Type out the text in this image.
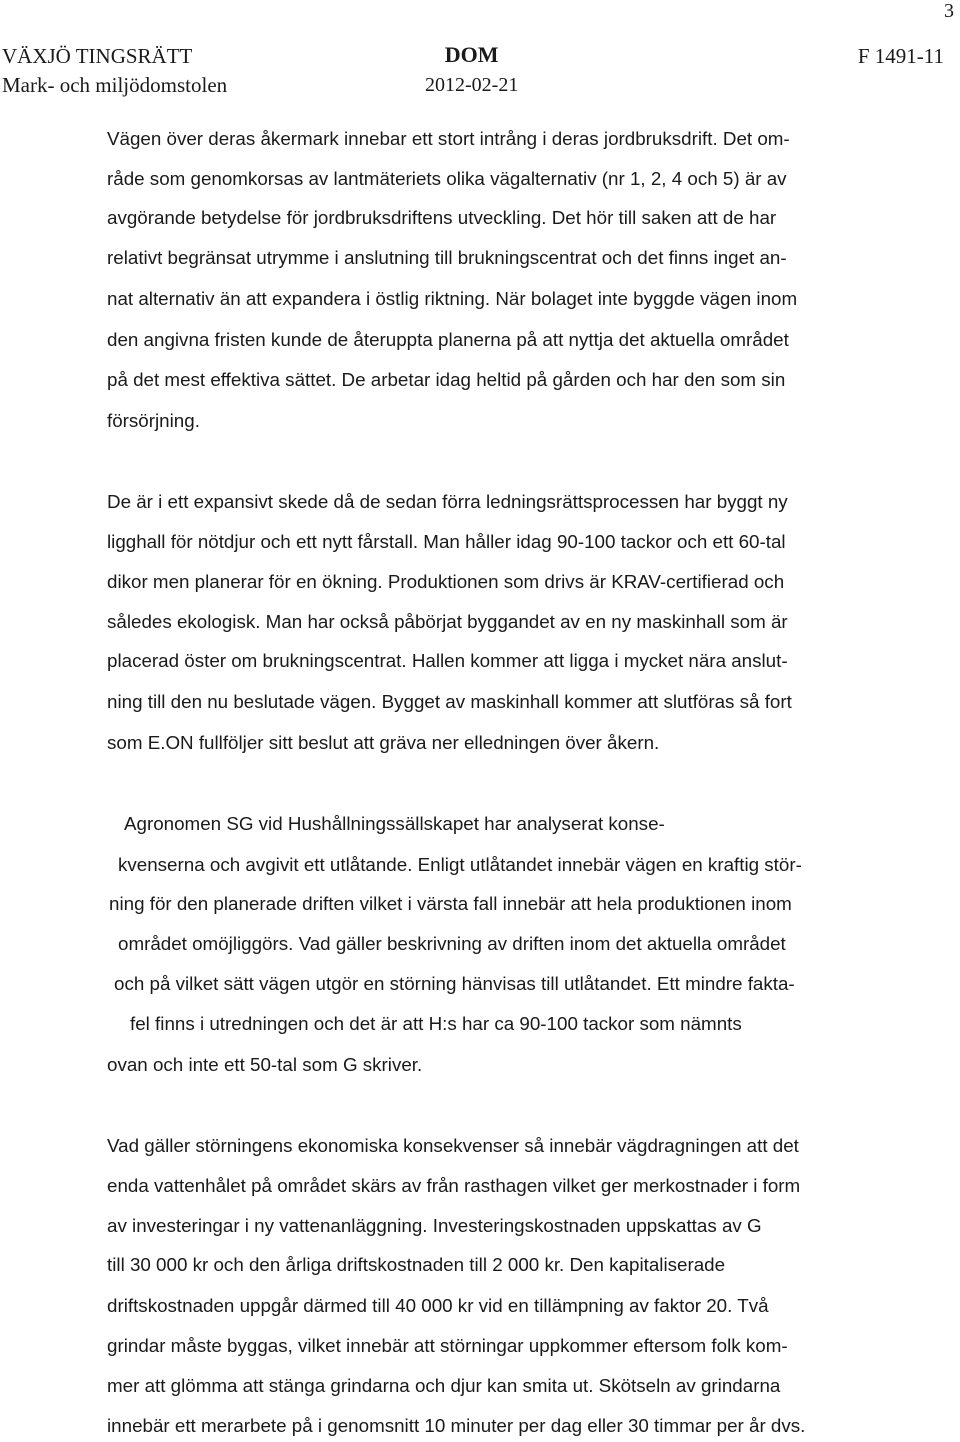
3
VÄXJÖ TINGSRÄTT
Mark- och miljödomstolen
DOM
2012-02-21
F 1491-11
Vägen över deras åkermark innebar ett stort intrång i deras jordbruksdrift. Det om-
råde som genomkorsas av lantmäteriets olika vägalternativ (nr 1, 2, 4 och 5) är av
avgörande betydelse för jordbruksdriftens utveckling. Det hör till saken att de har
relativt begränsat utrymme i anslutning till brukningscentrat och det finns inget an-
nat alternativ än att expandera i östlig riktning. När bolaget inte byggde vägen inom
den angivna fristen kunde de återuppta planerna på att nyttja det aktuella området
på det mest effektiva sättet. De arbetar idag heltid på gården och har den som sin
försörjning.
De är i ett expansivt skede då de sedan förra ledningsrättsprocessen har byggt ny
ligghall för nötdjur och ett nytt fårstall. Man håller idag 90-100 tackor och ett 60-tal
dikor men planerar för en ökning. Produktionen som drivs är KRAV-certifierad och
således ekologisk. Man har också påbörjat byggandet av en ny maskinhall som är
placerad öster om brukningscentrat. Hallen kommer att ligga i mycket nära anslut-
ning till den nu beslutade vägen. Bygget av maskinhall kommer att slutföras så fort
som E.ON fullföljer sitt beslut att gräva ner elledningen över åkern.
Agronomen SG vid Hushållningssällskapet har analyserat konse-
kvenserna och avgivit ett utlåtande. Enligt utlåtandet innebär vägen en kraftig stör-
ning för den planerade driften vilket i värsta fall innebär att hela produktionen inom
området omöjliggörs. Vad gäller beskrivning av driften inom det aktuella området
och på vilket sätt vägen utgör en störning hänvisas till utlåtandet. Ett mindre fakta-
fel finns i utredningen och det är att H:s har ca 90-100 tackor som nämnts
ovan och inte ett 50-tal som G skriver.
Vad gäller störningens ekonomiska konsekvenser så innebär vägdragningen att det
enda vattenhålet på området skärs av från rasthagen vilket ger merkostnader i form
av investeringar i ny vattenanläggning. Investeringskostnaden uppskattas av G
till 30 000 kr och den årliga driftskostnaden till 2 000 kr. Den kapitaliserade
driftskostnaden uppgår därmed till 40 000 kr vid en tillämpning av faktor 20. Två
grindar måste byggas, vilket innebär att störningar uppkommer eftersom folk kom-
mer att glömma att stänga grindarna och djur kan smita ut. Skötseln av grindarna
innebär ett merarbete på i genomsnitt 10 minuter per dag eller 30 timmar per år dvs.
